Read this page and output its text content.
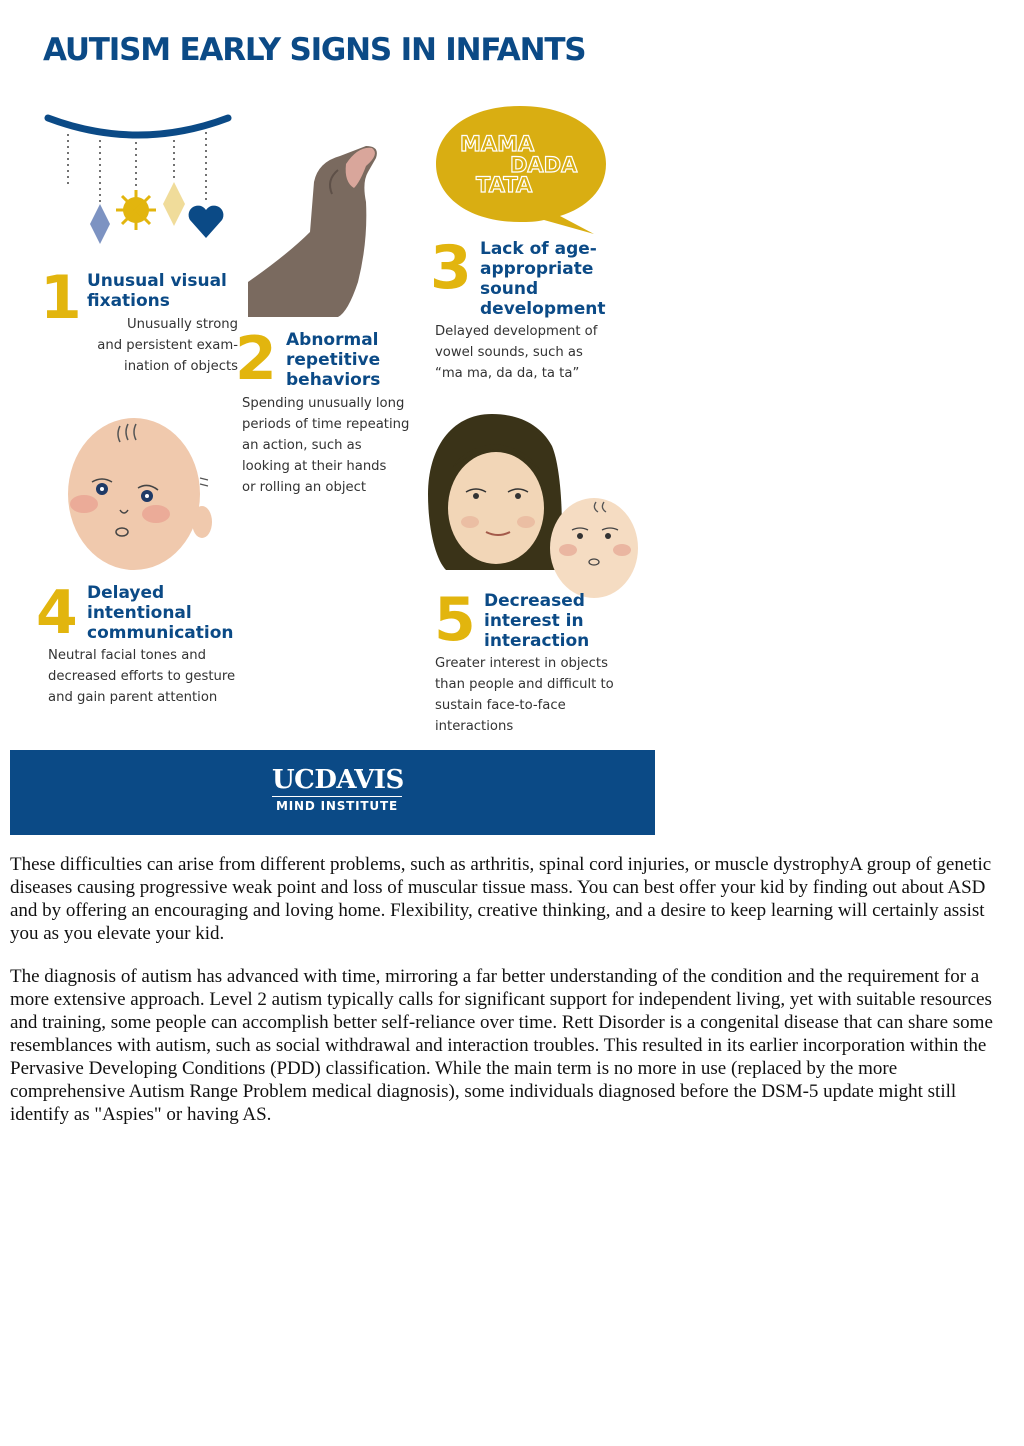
AUTISM EARLY SIGNS IN INFANTS
MAMA
DADA
TATA
1 Unusual visual
fixations

Unusually strong
and persistent exam-
ination of objects

2 Abnormal
repetitive
behaviors

Spending unusually long
periods of time repeating
an action, such as
looking at their hands
or rolling an object

3 Lack of age-
appropriate
sound
development

Delayed development of
vowel sounds, such as
“ma ma, da da, ta ta”

4 Delayed
intentional
communication

Neutral facial tones and
decreased efforts to gesture
and gain parent attention

5 Decreased
interest in
interaction

Greater interest in objects
than people and difficult to
sustain face-to-face interactions

UCDAVIS
MIND INSTITUTE

These difficulties can arise from different problems, such as arthritis, spinal cord injuries, or muscle dystrophyA group of genetic diseases causing progressive weak point and loss of muscular tissue mass. You can best offer your kid by finding out about ASD and by offering an encouraging and loving home. Flexibility, creative thinking, and a desire to keep learning will certainly assist you as you elevate your kid.

The diagnosis of autism has advanced with time, mirroring a far better understanding of the condition and the requirement for a more extensive approach. Level 2 autism typically calls for significant support for independent living, yet with suitable resources and training, some people can accomplish better self-reliance over time. Rett Disorder is a congenital disease that can share some resemblances with autism, such as social withdrawal and interaction troubles. This resulted in its earlier incorporation within the Pervasive Developing Conditions (PDD) classification. While the main term is no more in use (replaced by the more comprehensive Autism Range Problem medical diagnosis), some individuals diagnosed before the DSM-5 update might still identify as "Aspies" or having AS.
